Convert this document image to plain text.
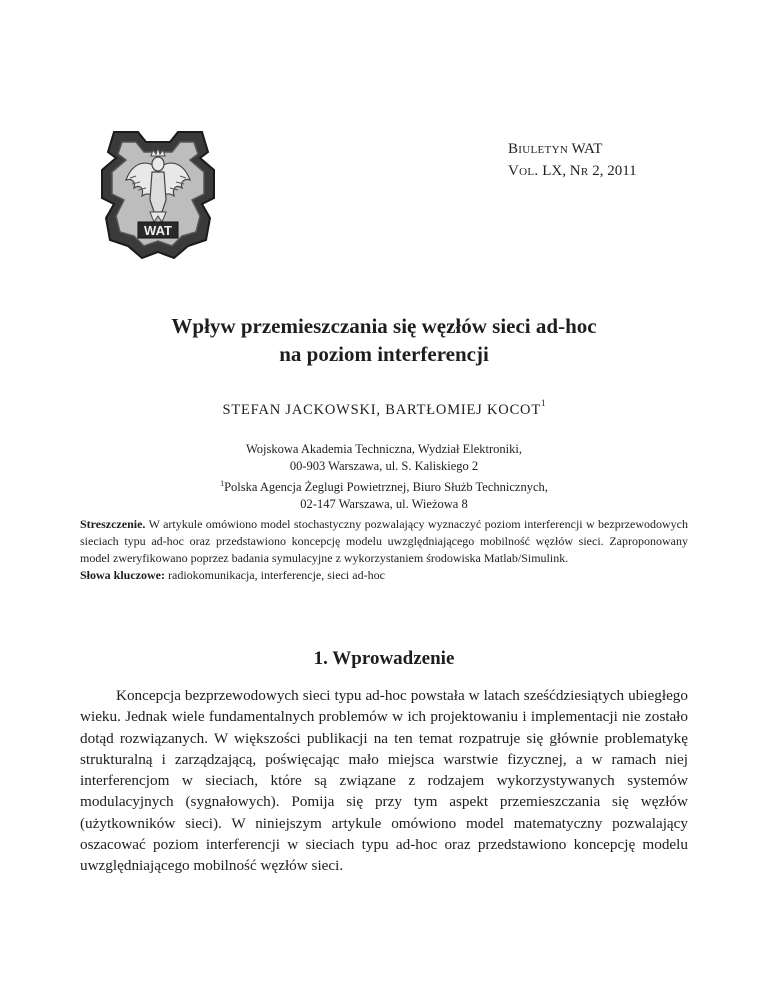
WAT
Biuletyn WAT
Vol. LX, Nr 2, 2011
Wpływ przemieszczania się węzłów sieci ad-hoc
na poziom interferencji
STEFAN JACKOWSKI, BARTŁOMIEJ KOCOT$^1$
Wojskowa Akademia Techniczna, Wydział Elektroniki,
00-903 Warszawa, ul. S. Kaliskiego 2
$^1$Polska Agencja Żeglugi Powietrznej, Biuro Służb Technicznych,
02-147 Warszawa, ul. Wieżowa 8

Streszczenie. W artykule omówiono model stochastyczny pozwalający wyznaczyć poziom interferencji w bezprzewodowych sieciach typu ad-hoc oraz przedstawiono koncepcję modelu uwzględniającego mobilność węzłów sieci. Zaproponowany model zweryfikowano poprzez badania symulacyjne z wykorzystaniem środowiska Matlab/Simulink.

Słowa kluczowe: radiokomunikacja, interferencje, sieci ad-hoc

1. Wprowadzenie

Koncepcja bezprzewodowych sieci typu ad-hoc powstała w latach sześćdziesiątych ubiegłego wieku. Jednak wiele fundamentalnych problemów w ich projektowaniu i implementacji nie zostało dotąd rozwiązanych. W większości publikacji na ten temat rozpatruje się głównie problematykę strukturalną i zarządzającą, poświęcając mało miejsca warstwie fizycznej, a w ramach niej interferencjom w sieciach, które są związane z rodzajem wykorzystywanych systemów modulacyjnych (sygnałowych). Pomija się przy tym aspekt przemieszczania się węzłów (użytkowników sieci). W niniejszym artykule omówiono model matematyczny pozwalający oszacować poziom interferencji w sieciach typu ad-hoc oraz przedstawiono koncepcję modelu uwzględniającego mobilność węzłów sieci.
